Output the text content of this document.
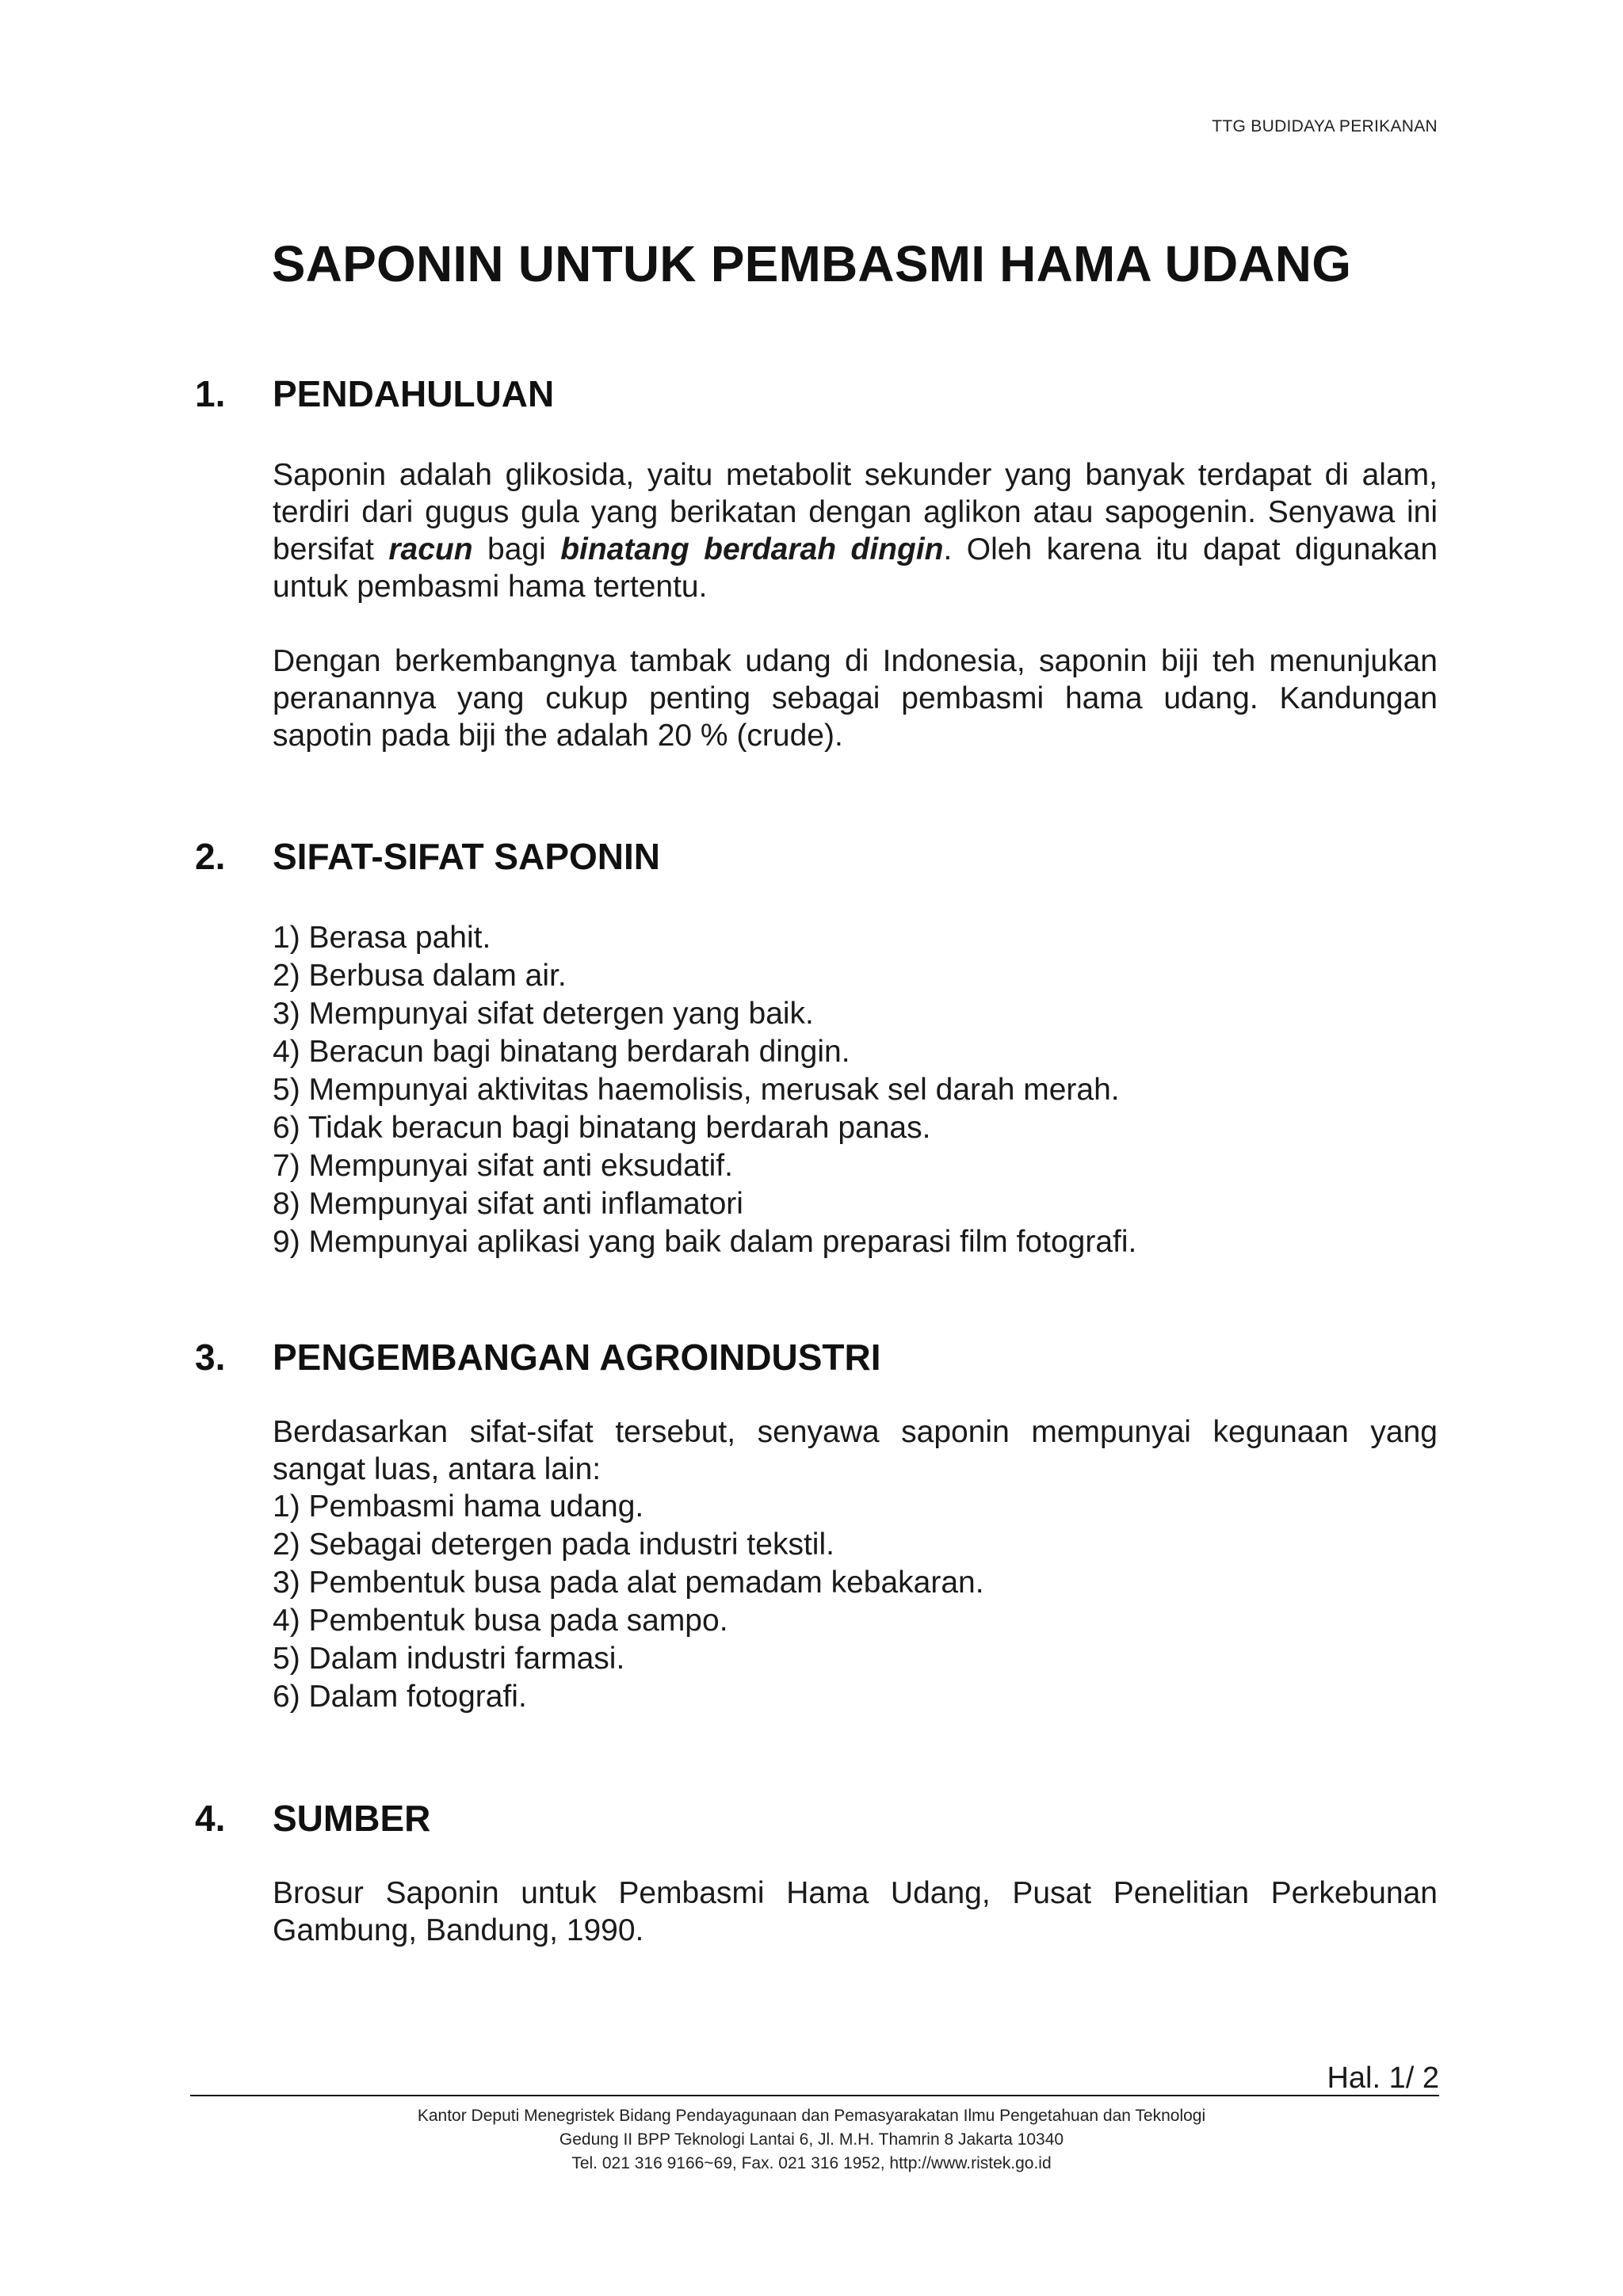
TTG BUDIDAYA PERIKANAN
SAPONIN UNTUK PEMBASMI HAMA UDANG
1.	PENDAHULUAN

Saponin adalah glikosida, yaitu metabolit sekunder yang banyak terdapat di alam, terdiri dari gugus gula yang berikatan dengan aglikon atau sapogenin. Senyawa ini bersifat racun bagi binatang berdarah dingin. Oleh karena itu dapat digunakan untuk pembasmi hama tertentu.

Dengan berkembangnya tambak udang di Indonesia, saponin biji teh menunjukan peranannya yang cukup penting sebagai pembasmi hama udang. Kandungan sapotin pada biji the adalah 20 % (crude).

2.	SIFAT-SIFAT SAPONIN
1) Berasa pahit.
2) Berbusa dalam air.
3) Mempunyai sifat detergen yang baik.
4) Beracun bagi binatang berdarah dingin.
5) Mempunyai aktivitas haemolisis, merusak sel darah merah.
6) Tidak beracun bagi binatang berdarah panas.
7) Mempunyai sifat anti eksudatif.
8) Mempunyai sifat anti inflamatori
9) Mempunyai aplikasi yang baik dalam preparasi film fotografi.
3.	PENGEMBANGAN AGROINDUSTRI

Berdasarkan sifat-sifat tersebut, senyawa saponin mempunyai kegunaan yang sangat luas, antara lain:

1) Pembasmi hama udang.
2) Sebagai detergen pada industri tekstil.
3) Pembentuk busa pada alat pemadam kebakaran.
4) Pembentuk busa pada sampo.
5) Dalam industri farmasi.
6) Dalam fotografi.
4.	SUMBER

Brosur Saponin untuk Pembasmi Hama Udang, Pusat Penelitian Perkebunan Gambung, Bandung, 1990.

Hal. 1/ 2
Kantor Deputi Menegristek Bidang Pendayagunaan dan Pemasyarakatan Ilmu Pengetahuan dan Teknologi
Gedung II BPP Teknologi Lantai 6, Jl. M.H. Thamrin 8 Jakarta 10340
Tel. 021 316 9166~69, Fax. 021 316 1952, http://www.ristek.go.id
